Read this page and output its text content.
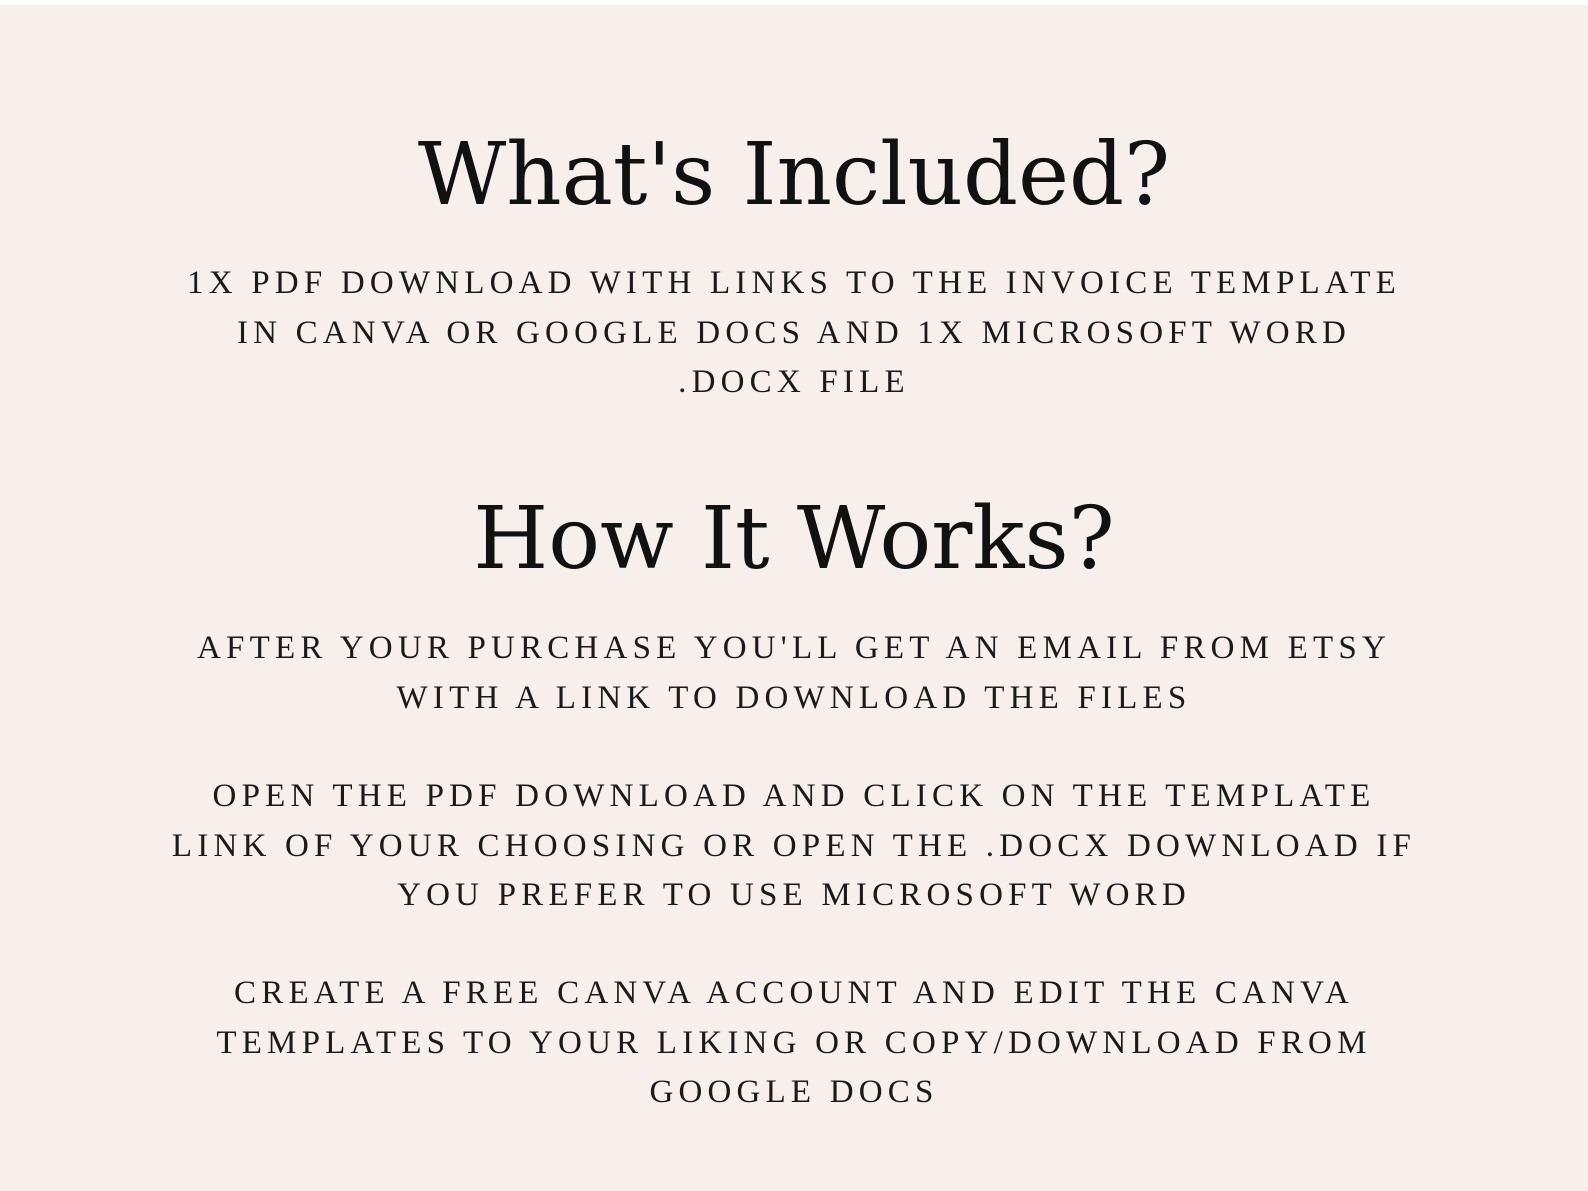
What's Included?

1X PDF DOWNLOAD WITH LINKS TO THE INVOICE TEMPLATE
IN CANVA OR GOOGLE DOCS AND 1X MICROSOFT WORD
.DOCX FILE

How It Works?

AFTER YOUR PURCHASE YOU'LL GET AN EMAIL FROM ETSY
WITH A LINK TO DOWNLOAD THE FILES

OPEN THE PDF DOWNLOAD AND CLICK ON THE TEMPLATE
LINK OF YOUR CHOOSING OR OPEN THE .DOCX DOWNLOAD IF
YOU PREFER TO USE MICROSOFT WORD

CREATE A FREE CANVA ACCOUNT AND EDIT THE CANVA
TEMPLATES TO YOUR LIKING OR COPY/DOWNLOAD FROM
GOOGLE DOCS
